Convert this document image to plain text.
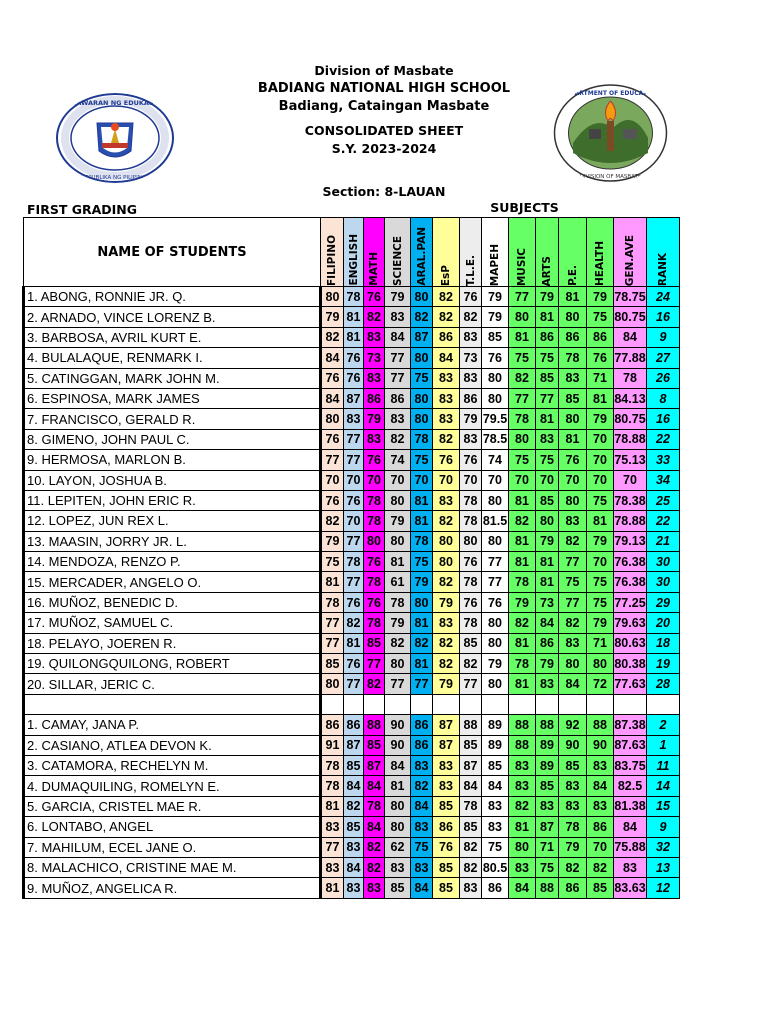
Division of Masbate
BADIANG NATIONAL HIGH SCHOOL
Badiang, Cataingan Masbate
CONSOLIDATED SHEET
S.Y. 2023-2024
KAGAWARAN NG EDUKASYON
REPUBLIKA NG PILIPINAS
DEPARTMENT OF EDUCATION
DIVISION OF MASBATE
Section: 8-LAUAN
FIRST GRADING	SUBJECTS
NAME OF STUDENTS	FILIPINO	ENGLISH	MATH	SCIENCE	ARAL.PAN	EsP	T.L.E.	MAPEH	MUSIC	ARTS	P.E.	HEALTH	GEN.AVE	RANK

1. ABONG, RONNIE JR. Q.	80	78	76	79	80	82	76	79	77	79	81	79	78.75	24
2. ARNADO, VINCE LORENZ B.	79	81	82	83	82	82	82	79	80	81	80	75	80.75	16
3. BARBOSA, AVRIL KURT E.	82	81	83	84	87	86	83	85	81	86	86	86	84	9
4. BULALAQUE, RENMARK I.	84	76	73	77	80	84	73	76	75	75	78	76	77.88	27
5. CATINGGAN, MARK JOHN M.	76	76	83	77	75	83	83	80	82	85	83	71	78	26
6. ESPINOSA, MARK JAMES	84	87	86	86	80	83	86	80	77	77	85	81	84.13	8
7. FRANCISCO, GERALD R.	80	83	79	83	80	83	79	79.5	78	81	80	79	80.75	16
8. GIMENO, JOHN PAUL C.	76	77	83	82	78	82	83	78.5	80	83	81	70	78.88	22
9. HERMOSA, MARLON B.	77	77	76	74	75	76	76	74	75	75	76	70	75.13	33
10. LAYON, JOSHUA B.	70	70	70	70	70	70	70	70	70	70	70	70	70	34
11. LEPITEN, JOHN ERIC R.	76	76	78	80	81	83	78	80	81	85	80	75	78.38	25
12. LOPEZ, JUN REX L.	82	70	78	79	81	82	78	81.5	82	80	83	81	78.88	22
13. MAASIN, JORRY JR. L.	79	77	80	80	78	80	80	80	81	79	82	79	79.13	21
14. MENDOZA, RENZO P.	75	78	76	81	75	80	76	77	81	81	77	70	76.38	30
15. MERCADER, ANGELO O.	81	77	78	61	79	82	78	77	78	81	75	75	76.38	30
16. MUÑOZ, BENEDIC D.	78	76	76	78	80	79	76	76	79	73	77	75	77.25	29
17. MUÑOZ, SAMUEL C.	77	82	78	79	81	83	78	80	82	84	82	79	79.63	20
18. PELAYO, JOEREN R.	77	81	85	82	82	82	85	80	81	86	83	71	80.63	18
19. QUILONGQUILONG, ROBERT	85	76	77	80	81	82	82	79	78	79	80	80	80.38	19
20. SILLAR, JERIC C.	80	77	82	77	77	79	77	80	81	83	84	72	77.63	28

1. CAMAY, JANA P.	86	86	88	90	86	87	88	89	88	88	92	88	87.38	2
2. CASIANO, ATLEA DEVON K.	91	87	85	90	86	87	85	89	88	89	90	90	87.63	1
3. CATAMORA, RECHELYN M.	78	85	87	84	83	83	87	85	83	89	85	83	83.75	11
4. DUMAQUILING, ROMELYN E.	78	84	84	81	82	83	84	84	83	85	83	84	82.5	14
5. GARCIA, CRISTEL MAE R.	81	82	78	80	84	85	78	83	82	83	83	83	81.38	15
6. LONTABO, ANGEL	83	85	84	80	83	86	85	83	81	87	78	86	84	9
7. MAHILUM, ECEL JANE O.	77	83	82	62	75	76	82	75	80	71	79	70	75.88	32
8. MALACHICO, CRISTINE MAE M.	83	84	82	83	83	85	82	80.5	83	75	82	82	83	13
9. MUÑOZ, ANGELICA R.	81	83	83	85	84	85	83	86	84	88	86	85	83.63	12
